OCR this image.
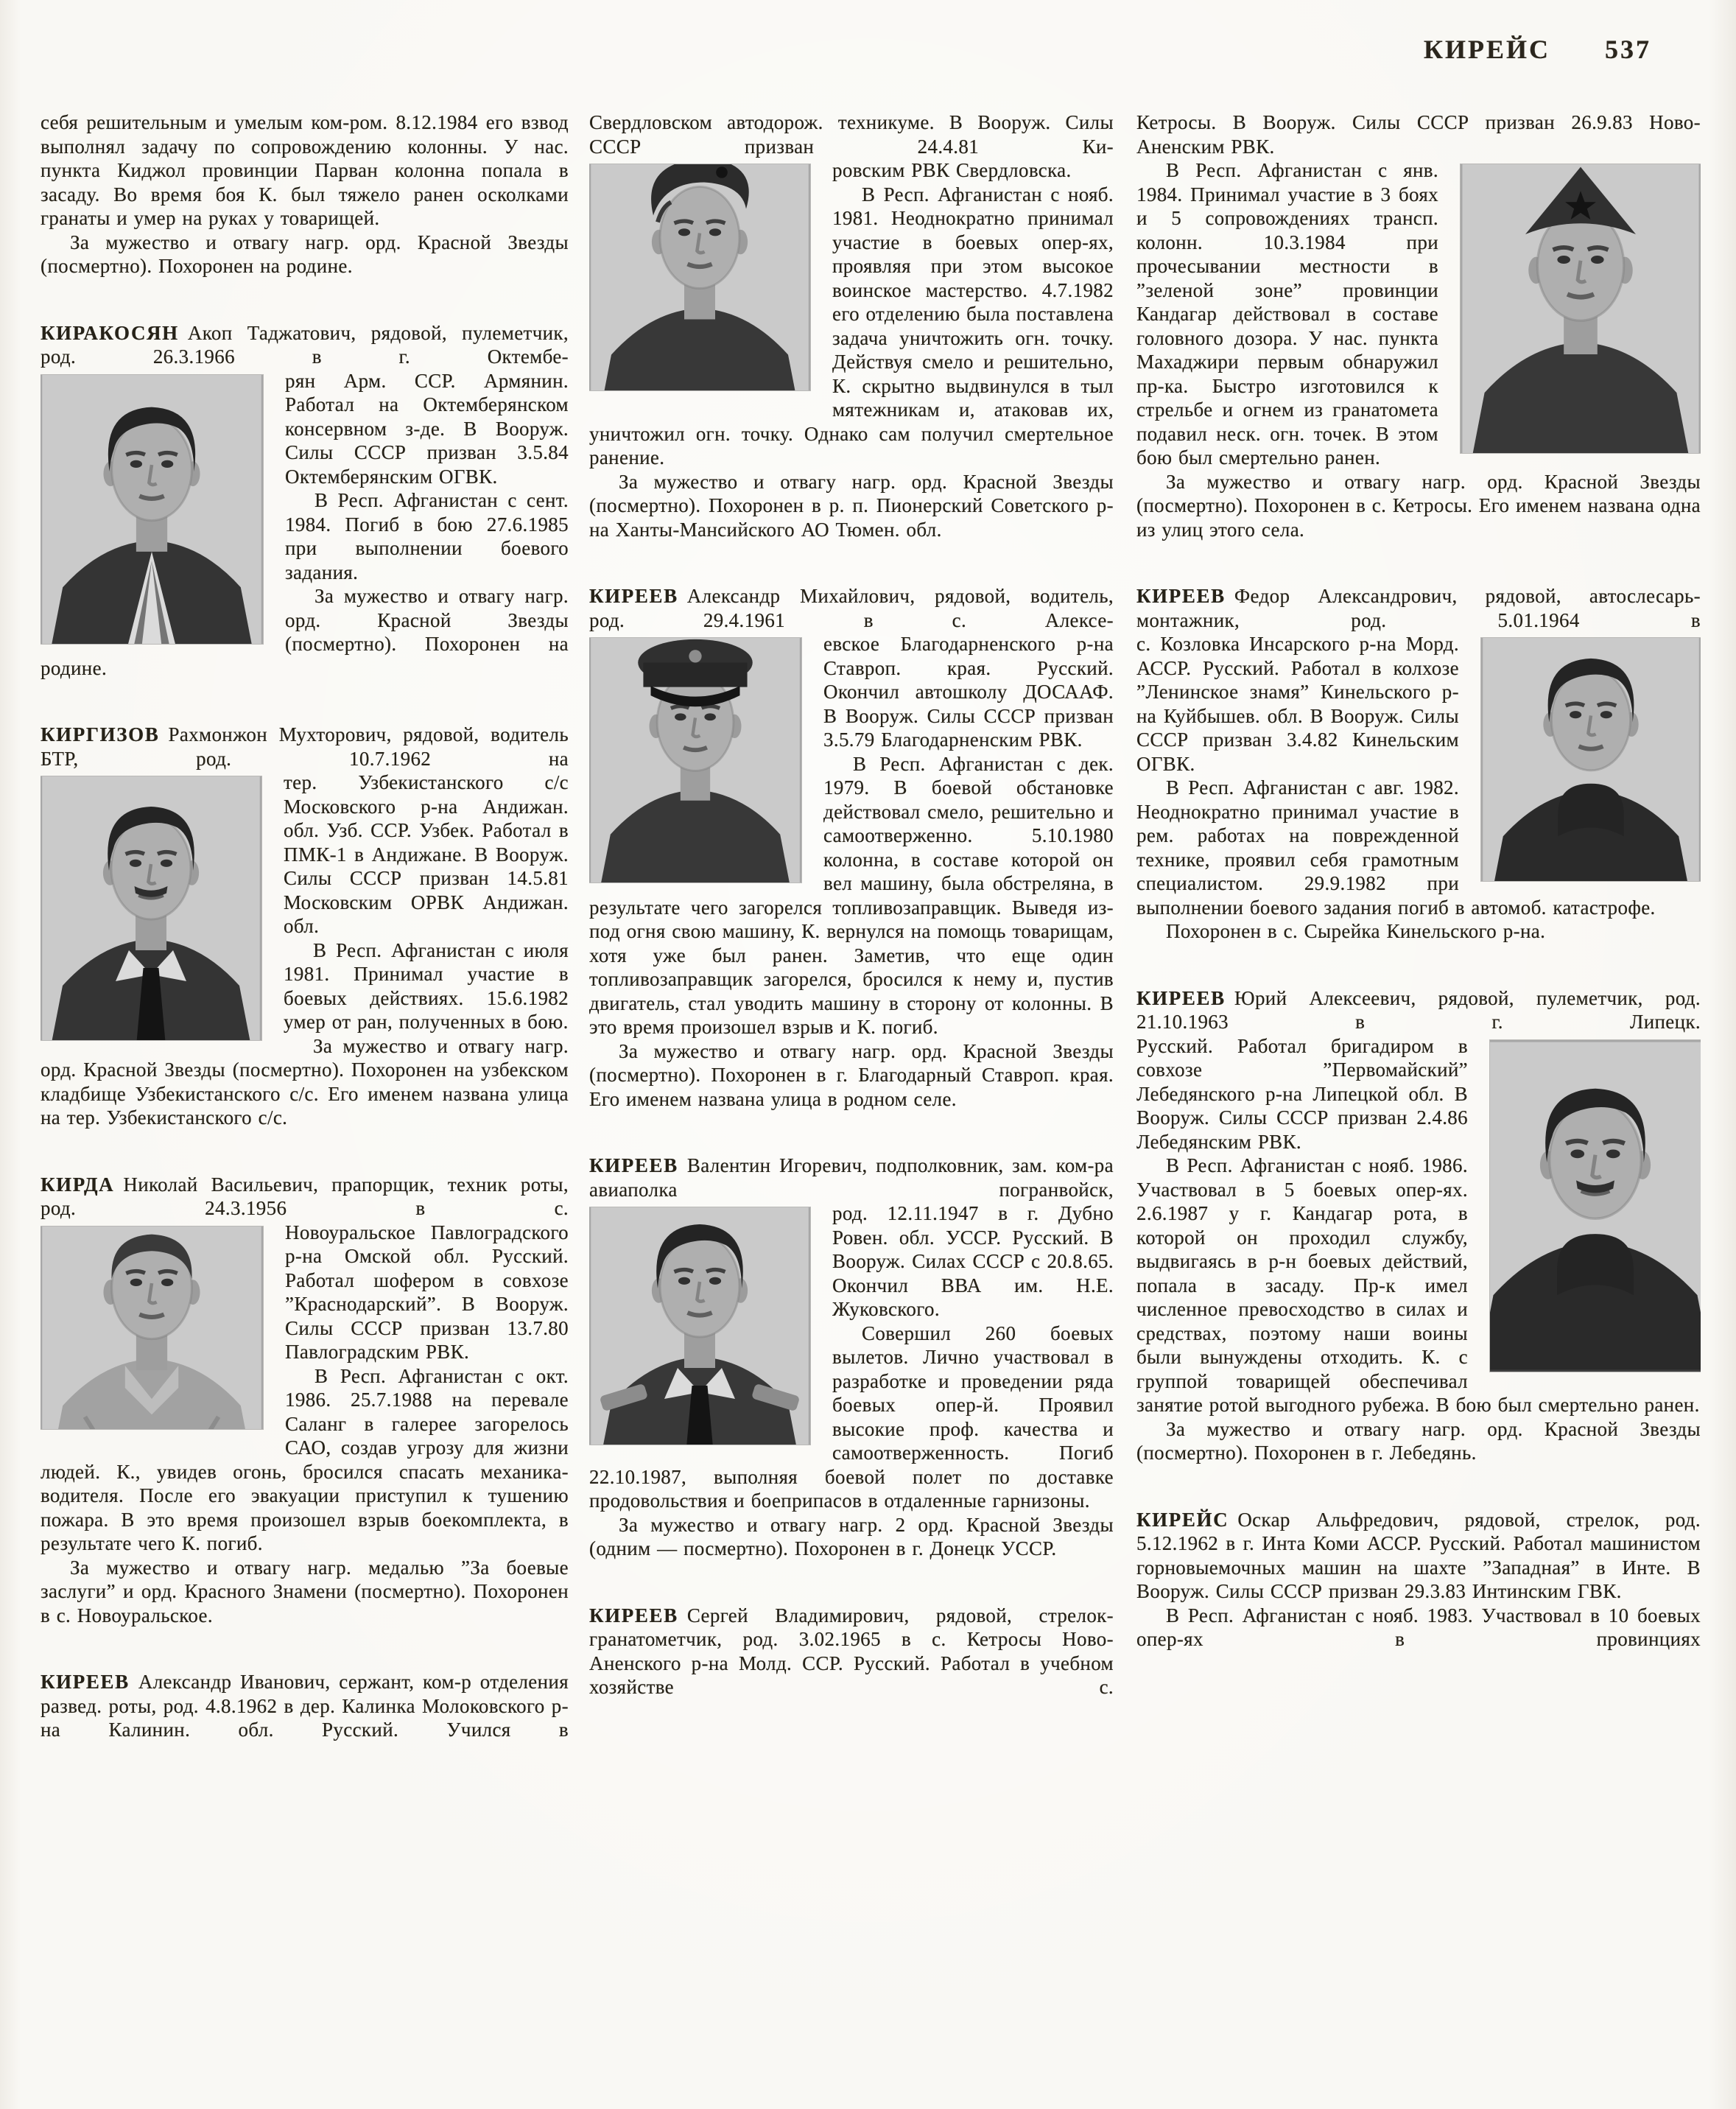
КИРЕЙС 537

себя решительным и умелым ком-ром. 8.12.1984 его взвод выполнял задачу по сопровождению колонны. У нас. пункта Киджол провинции Парван колонна попала в засаду. Во время боя К. был тяжело ранен осколками гранаты и умер на руках у товарищей.

За мужество и отвагу нагр. орд. Красной Звезды (посмертно). Похоронен на родине.

КИРАКОСЯН Акоп Таджатович, рядовой, пулеметчик, род. 26.3.1966 в г. Октембе-

рян Арм. ССР. Армянин. Работал на Октемберянском консервном з-де. В Вооруж. Силы СССР призван 3.5.84 Октемберянским ОГВК.

В Респ. Афганистан с сент. 1984. Погиб в бою 27.6.1985 при выполнении боевого задания.

За мужество и отвагу нагр. орд. Красной Звезды (посмертно). Похоронен на родине.

КИРГИЗОВ Рахмонжон Мухторович, рядовой, водитель БТР, род. 10.7.1962 на

тер. Узбекистанского с/с Московского р-на Андижан. обл. Узб. ССР. Узбек. Работал в ПМК-1 в Андижане. В Вооруж. Силы СССР призван 14.5.81 Московским ОРВК Андижан. обл.

В Респ. Афганистан с июля 1981. Принимал участие в боевых действиях. 15.6.1982 умер от ран, полученных в бою.

За мужество и отвагу нагр. орд. Красной Звезды (посмертно). Похоронен на узбекском кладбище Узбекистанского с/с. Его именем названа улица на тер. Узбекистанского с/с.

КИРДА Николай Васильевич, прапорщик, техник роты, род. 24.3.1956 в с.

Новоуральское Павлоградского р-на Омской обл. Русский. Работал шофером в совхозе ”Краснодарский”. В Вооруж. Силы СССР призван 13.7.80 Павлоградским РВК.

В Респ. Афганистан с окт. 1986. 25.7.1988 на перевале Саланг в галерее загорелось САО, создав угрозу для жизни людей. К., увидев огонь, бросился спасать механика-водителя. После его эвакуации приступил к тушению пожара. В это время произошел взрыв боекомплекта, в результате чего К. погиб.

За мужество и отвагу нагр. медалью ”За боевые заслуги” и орд. Красного Знамени (посмертно). Похоронен в с. Новоуральское.

КИРЕЕВ Александр Иванович, сержант, ком-р отделения развед. роты, род. 4.8.1962 в дер. Калинка Молоковского р-на Калинин. обл. Русский. Учился в

Свердловском автодорож. техникуме. В Вооруж. Силы СССР призван 24.4.81 Ки-

ровским РВК Свердловска.

В Респ. Афганистан с нояб. 1981. Неоднократно принимал участие в боевых опер-ях, проявляя при этом высокое воинское мастерство. 4.7.1982 его отделению была поставлена задача уничтожить огн. точку. Действуя смело и решительно, К. скрытно выдвинулся в тыл мятежникам и, атаковав их, уничтожил огн. точку. Однако сам получил смертельное ранение.

За мужество и отвагу нагр. орд. Красной Звезды (посмертно). Похоронен в р. п. Пионерский Советского р-на Ханты-Мансийского АО Тюмен. обл.

КИРЕЕВ Александр Михайлович, рядовой, водитель, род. 29.4.1961 в с. Алексе-

евское Благодарненского р-на Ставроп. края. Русский. Окончил автошколу ДОСААФ. В Вооруж. Силы СССР призван 3.5.79 Благодарненским РВК.

В Респ. Афганистан с дек. 1979. В боевой обстановке действовал смело, решительно и самоотверженно. 5.10.1980 колонна, в составе которой он вел машину, была обстреляна, в результате чего загорелся топливозаправщик. Выведя из-под огня свою машину, К. вернулся на помощь товарищам, хотя уже был ранен. Заметив, что еще один топливозаправщик загорелся, бросился к нему и, пустив двигатель, стал уводить машину в сторону от колонны. В это время произошел взрыв и К. погиб.

За мужество и отвагу нагр. орд. Красной Звезды (посмертно). Похоронен в г. Благодарный Ставроп. края. Его именем названа улица в родном селе.

КИРЕЕВ Валентин Игоревич, подполковник, зам. ком-ра авиаполка погранвойск,

род. 12.11.1947 в г. Дубно Ровен. обл. УССР. Русский. В Вооруж. Силах СССР с 20.8.65. Окончил ВВА им. Н.Е. Жуковского.

Совершил 260 боевых вылетов. Лично участвовал в разработке и проведении ряда боевых опер-й. Проявил высокие проф. качества и самоотверженность. Погиб 22.10.1987, выполняя боевой полет по доставке продовольствия и боеприпасов в отдаленные гарнизоны.

За мужество и отвагу нагр. 2 орд. Красной Звезды (одним — посмертно). Похоронен в г. Донецк УССР.

КИРЕЕВ Сергей Владимирович, рядовой, стрелок-гранатометчик, род. 3.02.1965 в с. Кетросы Ново-Аненского р-на Молд. ССР. Русский. Работал в учебном хозяйстве с.

Кетросы. В Вооруж. Силы СССР призван 26.9.83 Ново-Аненским РВК.

В Респ. Афганистан с янв. 1984. Принимал участие в 3 боях и 5 сопровождениях трансп. колонн. 10.3.1984 при прочесывании местности в ”зеленой зоне” провинции Кандагар действовал в составе головного дозора. У нас. пункта Махаджири первым обнаружил пр-ка. Быстро изготовился к стрельбе и огнем из гранатомета подавил неск. огн. точек. В этом бою был смертельно ранен.

За мужество и отвагу нагр. орд. Красной Звезды (посмертно). Похоронен в с. Кетросы. Его именем названа одна из улиц этого села.

КИРЕЕВ Федор Александрович, рядовой, автослесарь-монтажник, род. 5.01.1964 в

с. Козловка Инсарского р-на Морд. АССР. Русский. Работал в колхозе ”Ленинское знамя” Кинельского р-на Куйбышев. обл. В Вооруж. Силы СССР призван 3.4.82 Кинельским ОГВК.

В Респ. Афганистан с авг. 1982. Неоднократно принимал участие в рем. работах на поврежденной технике, проявил себя грамотным специалистом. 29.9.1982 при выполнении боевого задания погиб в автомоб. катастрофе.

Похоронен в с. Сырейка Кинельского р-на.

КИРЕЕВ Юрий Алексеевич, рядовой, пулеметчик, род. 21.10.1963 в г. Липецк.

Русский. Работал бригадиром в совхозе ”Первомайский” Лебедянского р-на Липецкой обл. В Вооруж. Силы СССР призван 2.4.86 Лебедянским РВК.

В Респ. Афганистан с нояб. 1986. Участвовал в 5 боевых опер-ях. 2.6.1987 у г. Кандагар рота, в которой он проходил службу, выдвигаясь в р-н боевых действий, попала в засаду. Пр-к имел численное превосходство в силах и средствах, поэтому наши воины были вынуждены отходить. К. с группой товарищей обеспечивал занятие ротой выгодного рубежа. В бою был смертельно ранен.

За мужество и отвагу нагр. орд. Красной Звезды (посмертно). Похоронен в г. Лебедянь.

КИРЕЙС Оскар Альфредович, рядовой, стрелок, род. 5.12.1962 в г. Инта Коми АССР. Русский. Работал машинистом горновыемочных машин на шахте ”Западная” в Инте. В Вооруж. Силы СССР призван 29.3.83 Интинским ГВК.

В Респ. Афганистан с нояб. 1983. Участвовал в 10 боевых опер-ях в провинциях
